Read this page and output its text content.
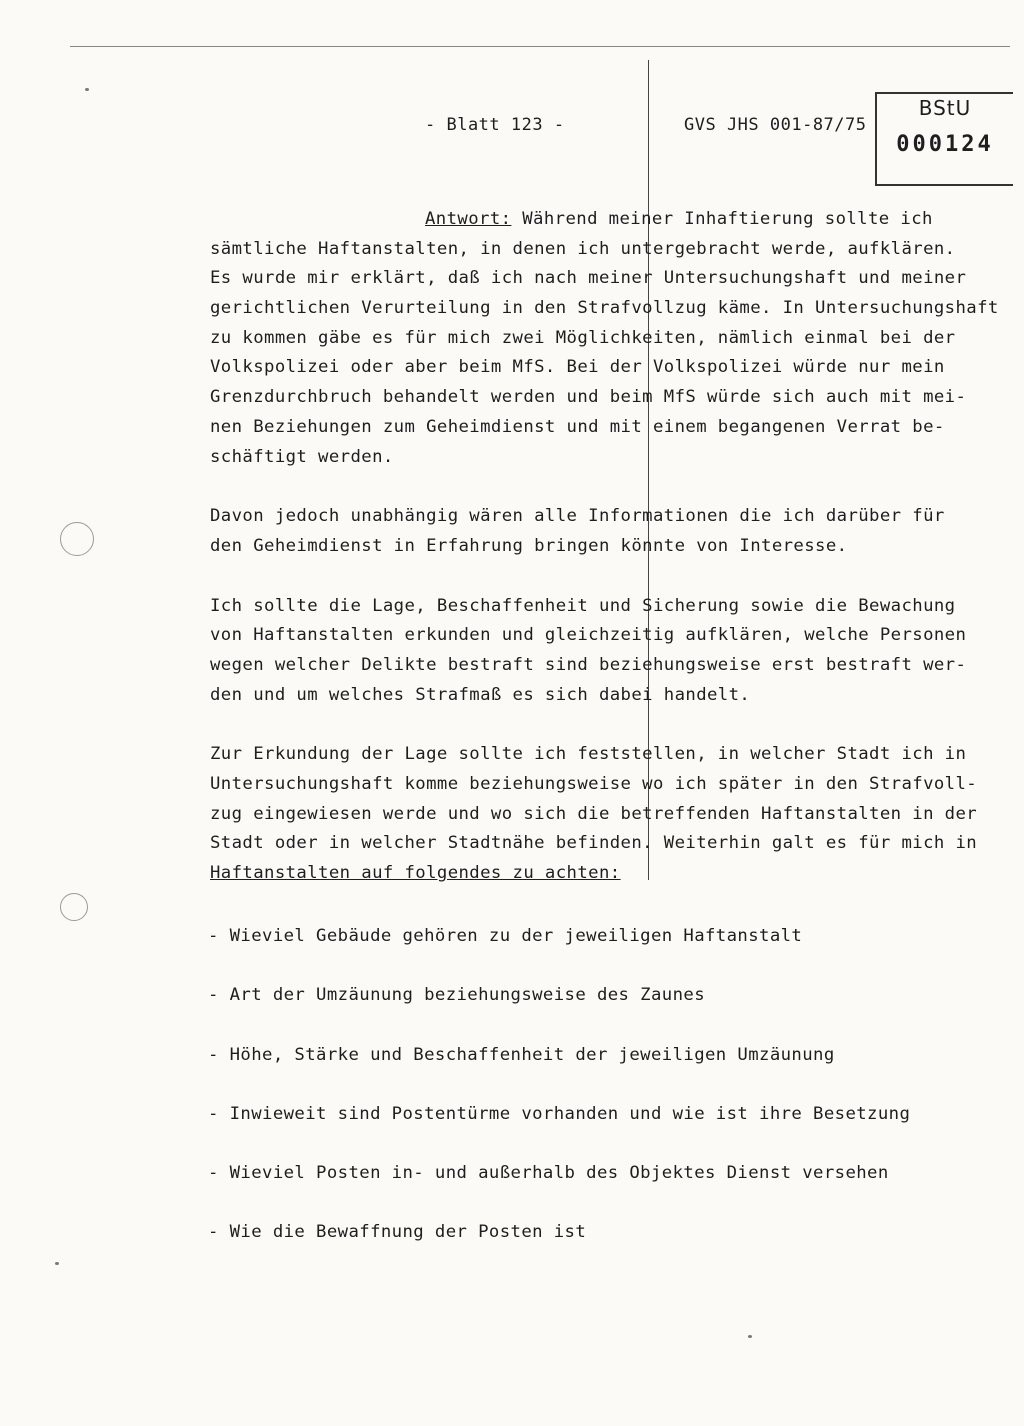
- Blatt 123 -	GVS JHS 001-87/75
BStU
000124
Antwort: Während meiner Inhaftierung sollte ich
sämtliche Haftanstalten, in denen ich untergebracht werde, aufklären.
Es wurde mir erklärt, daß ich nach meiner Untersuchungshaft und meiner
gerichtlichen Verurteilung in den Strafvollzug käme. In Untersuchungshaft
zu kommen gäbe es für mich zwei Möglichkeiten, nämlich einmal bei der
Volkspolizei oder aber beim MfS. Bei der Volkspolizei würde nur mein
Grenzdurchbruch behandelt werden und beim MfS würde sich auch mit mei-
nen Beziehungen zum Geheimdienst und mit einem begangenen Verrat be-
schäftigt werden.
Davon jedoch unabhängig wären alle Informationen die ich darüber für
den Geheimdienst in Erfahrung bringen könnte von Interesse.
Ich sollte die Lage, Beschaffenheit und Sicherung sowie die Bewachung
von Haftanstalten erkunden und gleichzeitig aufklären, welche Personen
wegen welcher Delikte bestraft sind beziehungsweise erst bestraft wer-
den und um welches Strafmaß es sich dabei handelt.
Zur Erkundung der Lage sollte ich feststellen, in welcher Stadt ich in
Untersuchungshaft komme beziehungsweise wo ich später in den Strafvoll-
zug eingewiesen werde und wo sich die betreffenden Haftanstalten in der
Stadt oder in welcher Stadtnähe befinden. Weiterhin galt es für mich in
Haftanstalten auf folgendes zu achten:
- Wieviel Gebäude gehören zu der jeweiligen Haftanstalt
- Art der Umzäunung beziehungsweise des Zaunes
- Höhe, Stärke und Beschaffenheit der jeweiligen Umzäunung
- Inwieweit sind Postentürme vorhanden und wie ist ihre Besetzung
- Wieviel Posten in- und außerhalb des Objektes Dienst versehen
- Wie die Bewaffnung der Posten ist
